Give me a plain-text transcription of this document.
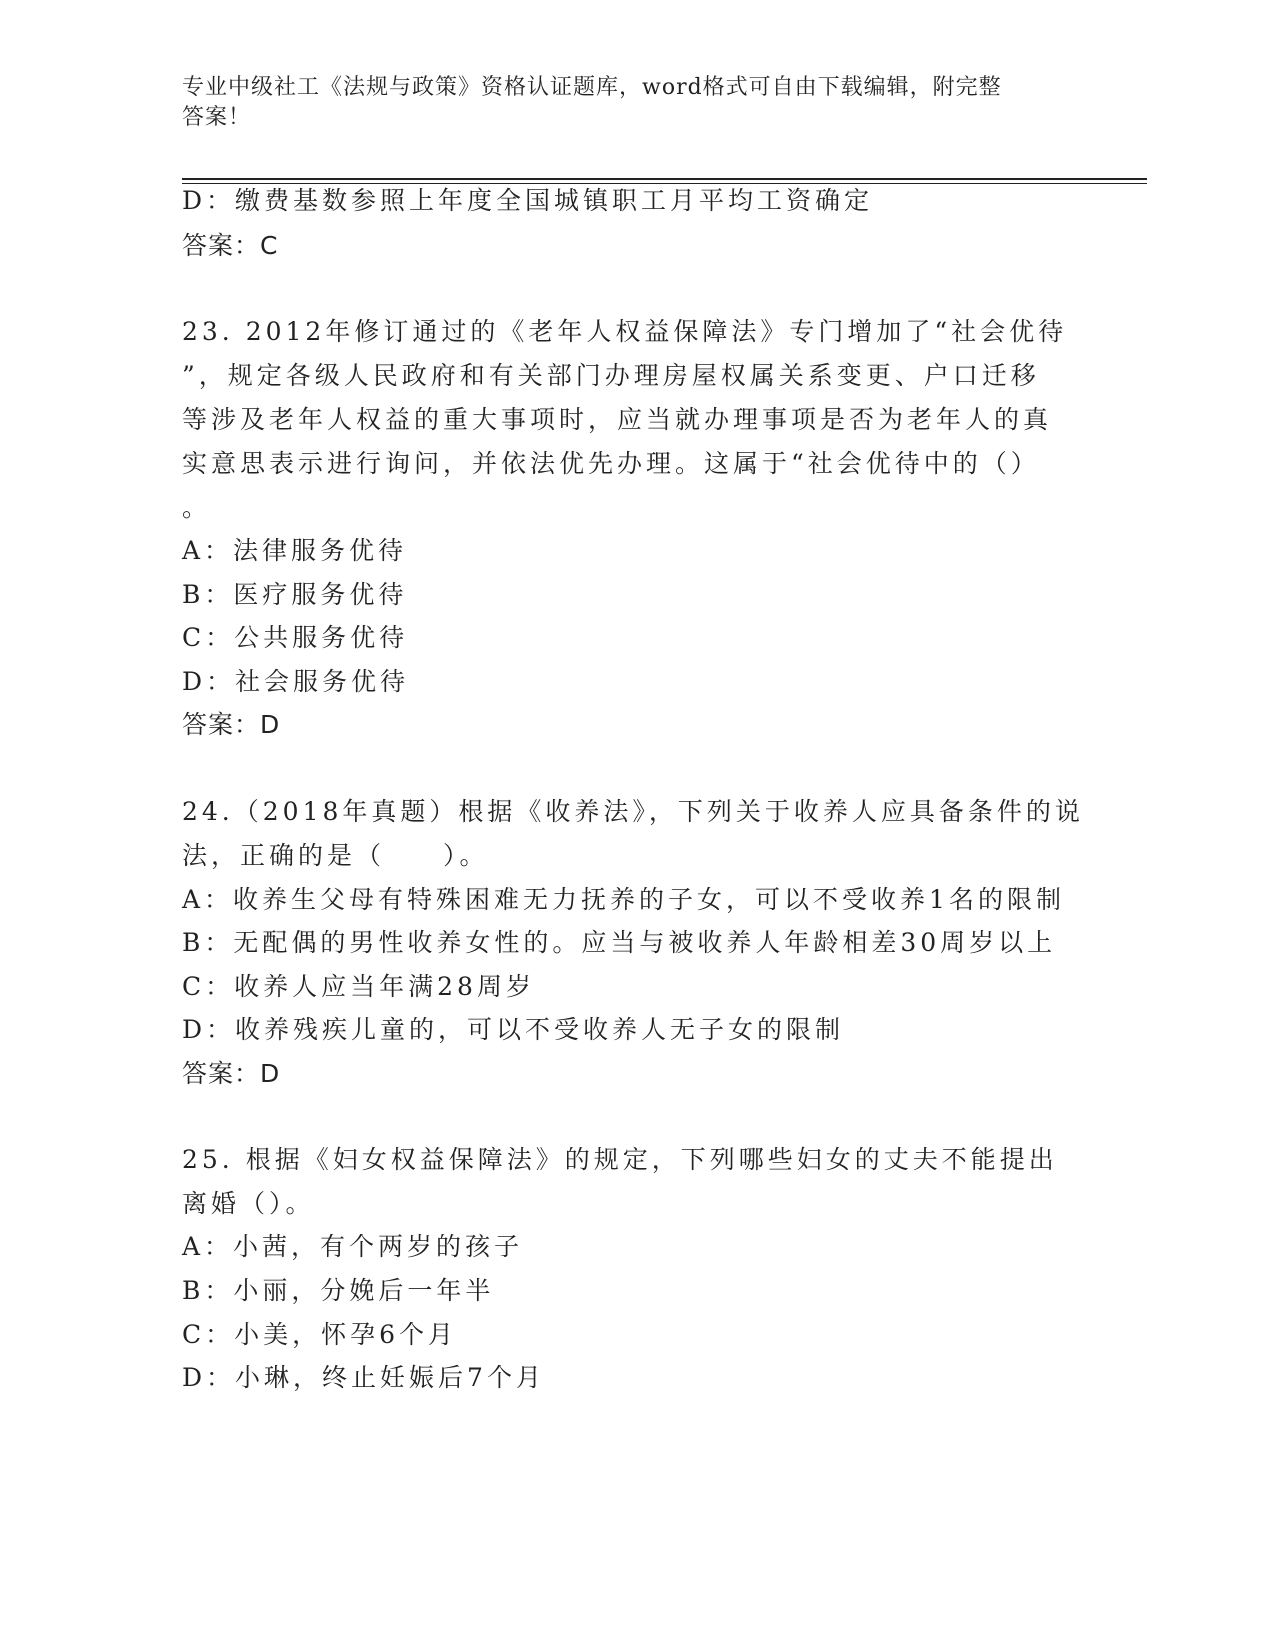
专业中级社工《法规与政策》资格认证题库，word格式可自由下载编辑，附完整
答案！
D：缴费基数参照上年度全国城镇职工月平均工资确定
答案：C
23. 2012年修订通过的《老年人权益保障法》专门增加了“社会优待
”，规定各级人民政府和有关部门办理房屋权属关系变更、户口迁移
等涉及老年人权益的重大事项时，应当就办理事项是否为老年人的真
实意思表示进行询问，并依法优先办理。这属于“社会优待中的（）
。
A：法律服务优待
B：医疗服务优待
C：公共服务优待
D：社会服务优待
答案：D
24.（2018年真题）根据《收养法》，下列关于收养人应具备条件的说
法，正确的是（　　）。
A：收养生父母有特殊困难无力抚养的子女，可以不受收养1名的限制
B：无配偶的男性收养女性的。应当与被收养人年龄相差30周岁以上
C：收养人应当年满28周岁
D：收养残疾儿童的，可以不受收养人无子女的限制
答案：D
25. 根据《妇女权益保障法》的规定，下列哪些妇女的丈夫不能提出
离婚（）。
A：小茜，有个两岁的孩子
B：小丽，分娩后一年半
C：小美，怀孕6个月
D：小琳，终止妊娠后7个月
